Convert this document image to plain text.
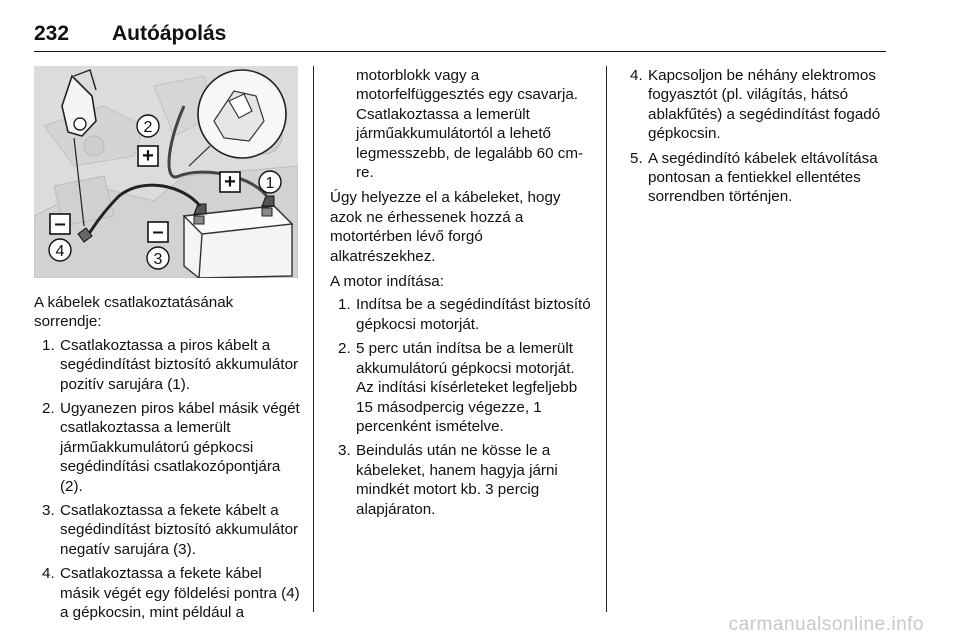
232 Autóápolás
+
2
+ 1
–
4
–
3

A kábelek csatlakoztatásának sorrendje:

1. Csatlakoztassa a piros kábelt a segédindítást biztosító akkumulátor pozitív sarujára (1).
2. Ugyanezen piros kábel másik végét csatlakoztassa a lemerült járműakkumulátorú gépkocsi segédindítási csatlakozópontjára (2).
3. Csatlakoztassa a fekete kábelt a segédindítást biztosító akkumulátor negatív sarujára (3).
4. Csatlakoztassa a fekete kábel másik végét egy földelési pontra (4) a gépkocsin, mint például a

motorblokk vagy a motorfelfüggesztés egy csavarja. Csatlakoztassa a lemerült járműakkumulátortól a lehető legmesszebb, de legalább 60 cm-re.

Úgy helyezze el a kábeleket, hogy azok ne érhessenek hozzá a motortérben lévő forgó alkatrészekhez.

A motor indítása:

1. Indítsa be a segédindítást biztosító gépkocsi motorját.
2. 5 perc után indítsa be a lemerült akkumulátorú gépkocsi motorját. Az indítási kísérleteket legfeljebb 15 másodpercig végezze, 1 percenként ismételve.
3. Beindulás után ne kösse le a kábeleket, hanem hagyja járni mindkét motort kb. 3 percig alapjáraton.
4. Kapcsoljon be néhány elektromos fogyasztót (pl. világítás, hátsó ablakfűtés) a segédindítást fogadó gépkocsin.
5. A segédindító kábelek eltávolítása pontosan a fentiekkel ellentétes sorrendben történjen.
carmanualsonline.info
